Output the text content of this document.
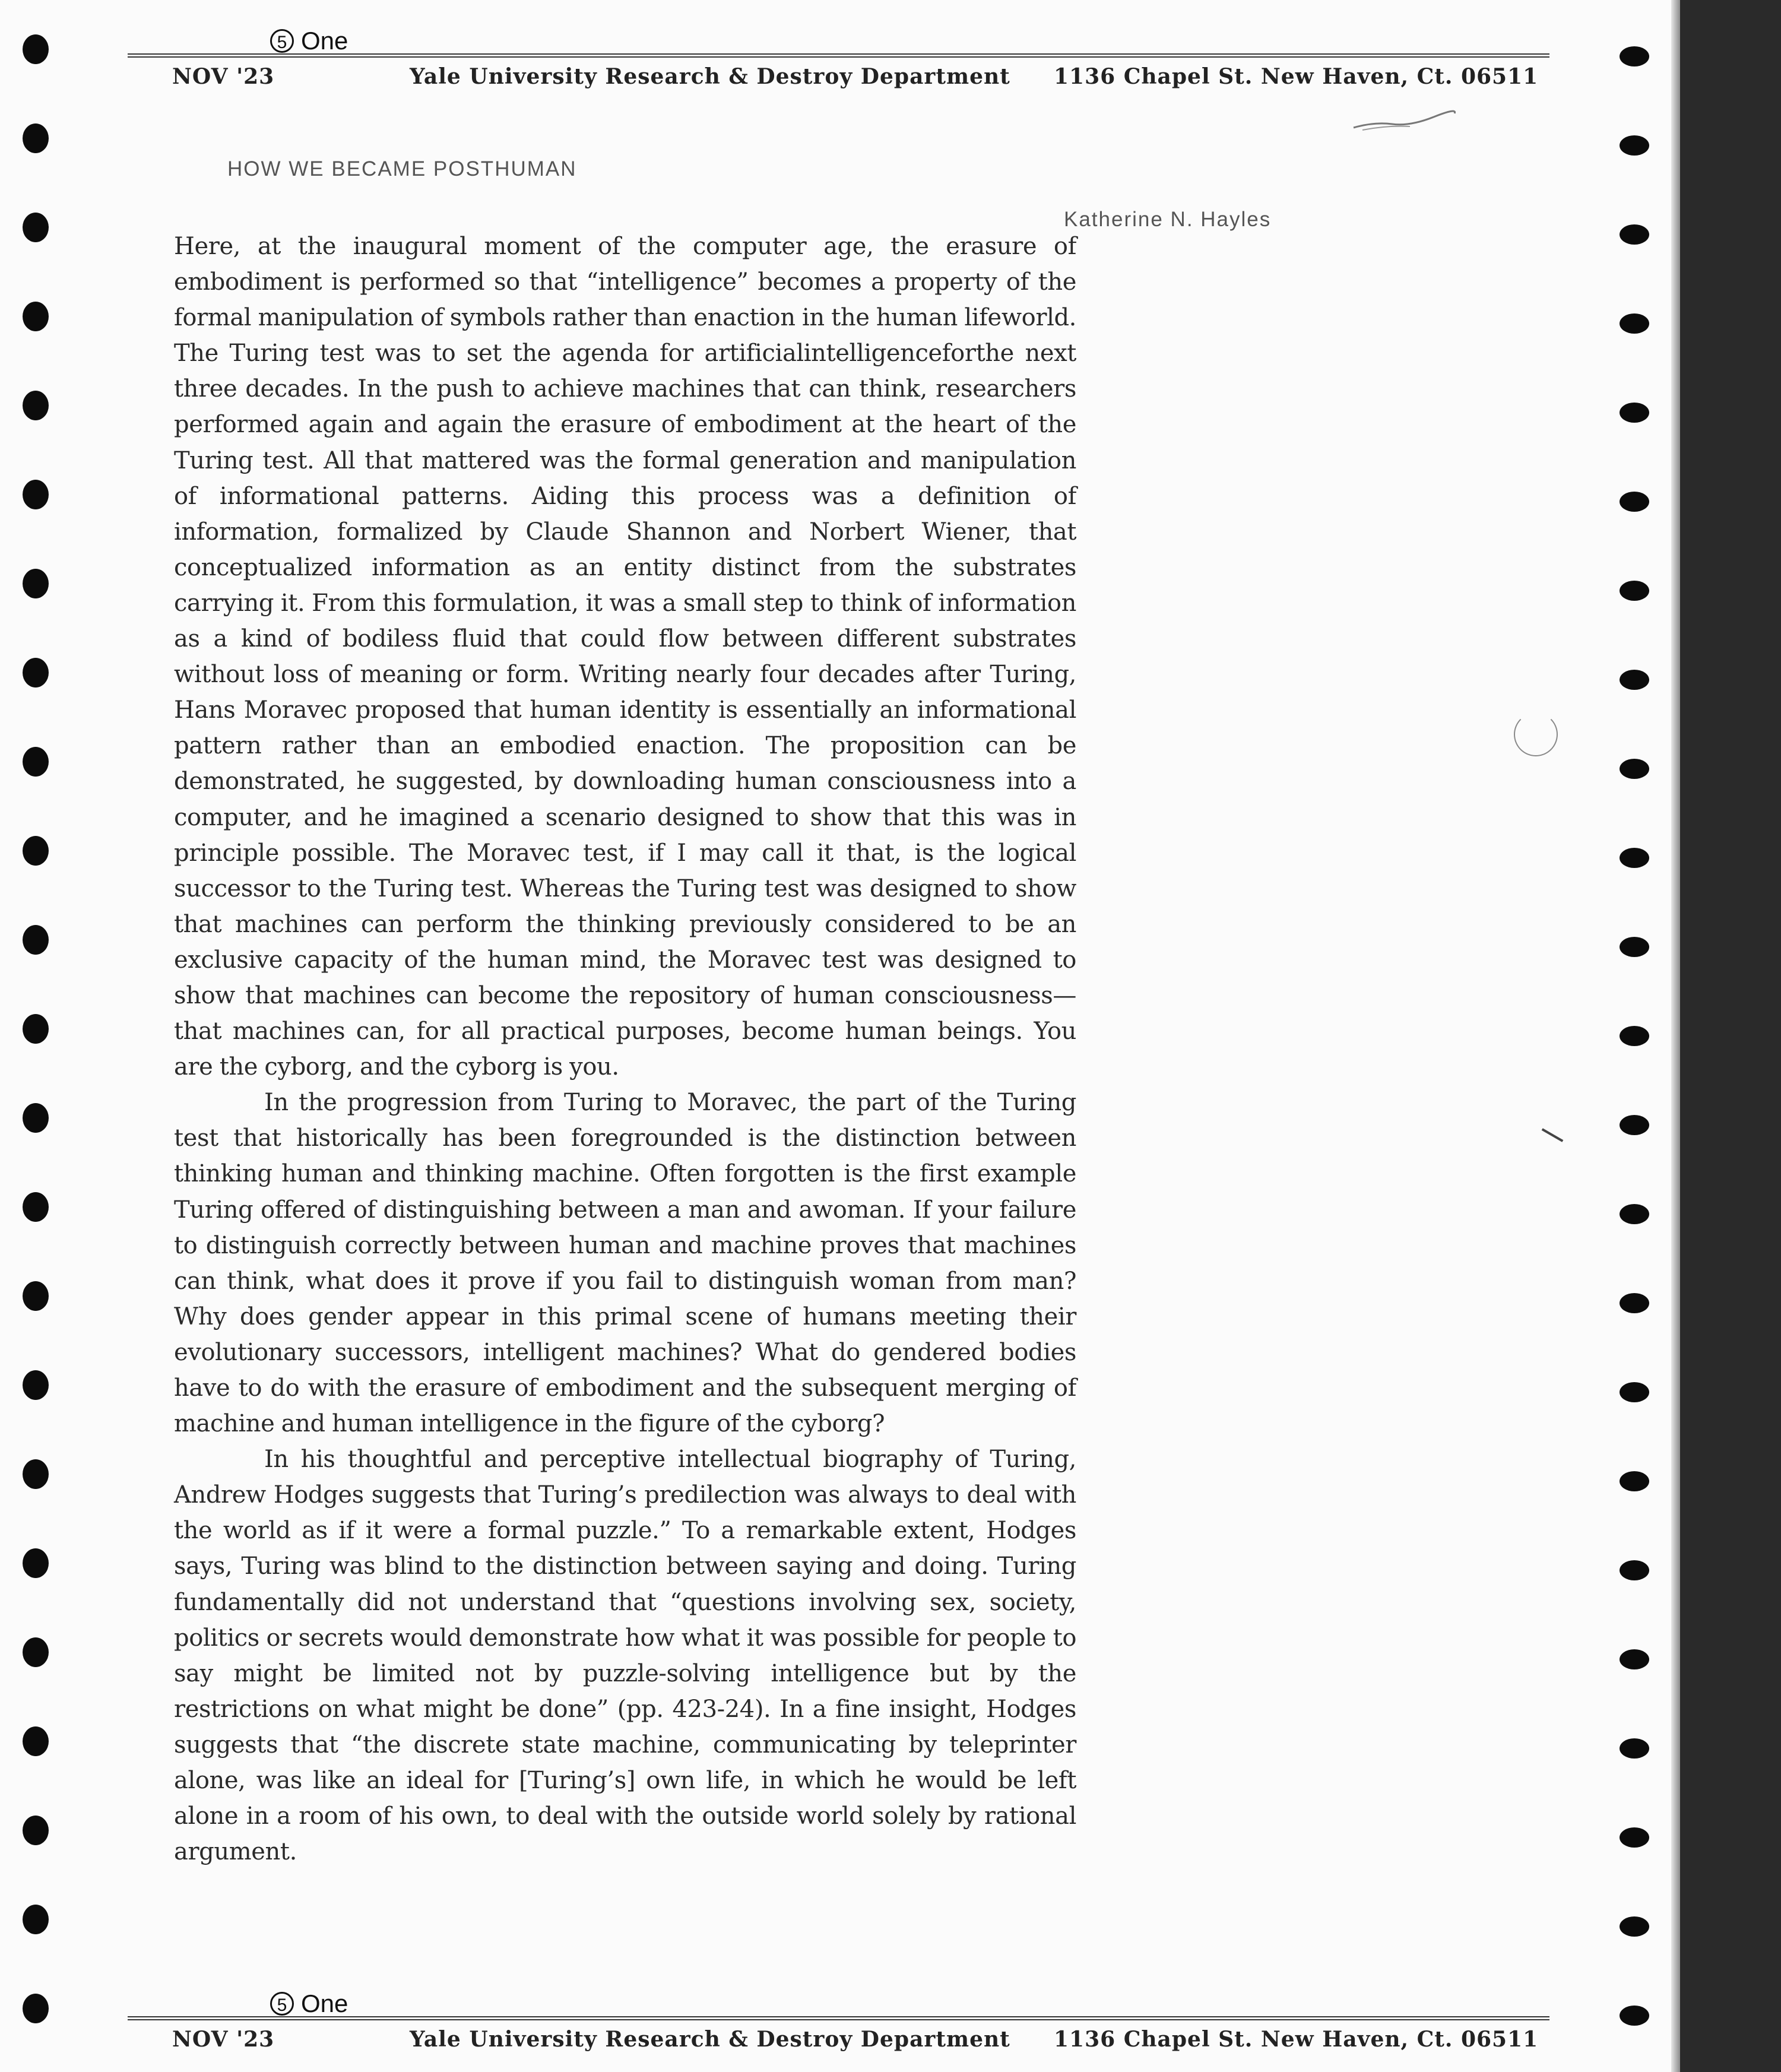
5 One
NOV '23	Yale University Research & Destroy Department 1136 Chapel St. New Haven, Ct. 06511
HOW WE BECAME POSTHUMAN
Katherine N. Hayles

Here, at the inaugural moment of the computer age, the erasure of embodiment is performed so that “intelligence” becomes a property of the formal manipulation of symbols rather than enaction in the human lifeworld. The Turing test was to set the agenda for artificialintelligenceforthe next three decades. In the push to achieve machines that can think, researchers performed again and again the erasure of embodiment at the heart of the Turing test. All that mattered was the formal generation and manipulation of informational patterns. Aiding this process was a definition of information, formalized by Claude Shannon and Norbert Wiener, that conceptualized information as an entity distinct from the substrates carrying it. From this formulation, it was a small step to think of information as a kind of bodiless fluid that could flow between different substrates without loss of meaning or form. Writing nearly four decades after Turing, Hans Moravec proposed that human identity is essentially an informational pattern rather than an embodied enaction. The proposition can be demonstrated, he suggested, by downloading human consciousness into a computer, and he imagined a scenario designed to show that this was in principle possible. The Moravec test, if I may call it that, is the logical successor to the Turing test. Whereas the Turing test was designed to show that machines can perform the thinking previously considered to be an exclusive capacity of the human mind, the Moravec test was designed to show that machines can become the repository of human consciousness—that machines can, for all practical purposes, become human beings. You are the cyborg, and the cyborg is you.

In the progression from Turing to Moravec, the part of the Turing test that historically has been foregrounded is the distinction between thinking human and thinking machine. Often forgotten is the first example Turing offered of distinguishing between a man and awoman. If your failure to distinguish correctly between human and machine proves that machines can think, what does it prove if you fail to distinguish woman from man? Why does gender appear in this primal scene of humans meeting their evolutionary successors, intelligent machines? What do gendered bodies have to do with the erasure of embodiment and the subsequent merging of machine and human intelligence in the figure of the cyborg?

In his thoughtful and perceptive intellectual biography of Turing, Andrew Hodges suggests that Turing’s predilection was always to deal with the world as if it were a formal puzzle.” To a remarkable extent, Hodges says, Turing was blind to the distinction between saying and doing. Turing fundamentally did not understand that “questions involving sex, society, politics or secrets would demonstrate how what it was possible for people to say might be limited not by puzzle-solving intelligence but by the restrictions on what might be done” (pp. 423-24). In a fine insight, Hodges suggests that “the discrete state machine, communicating by teleprinter alone, was like an ideal for [Turing’s] own life, in which he would be left alone in a room of his own, to deal with the outside world solely by rational argument.

5 One
NOV '23	Yale University Research & Destroy Department 1136 Chapel St. New Haven, Ct. 06511
